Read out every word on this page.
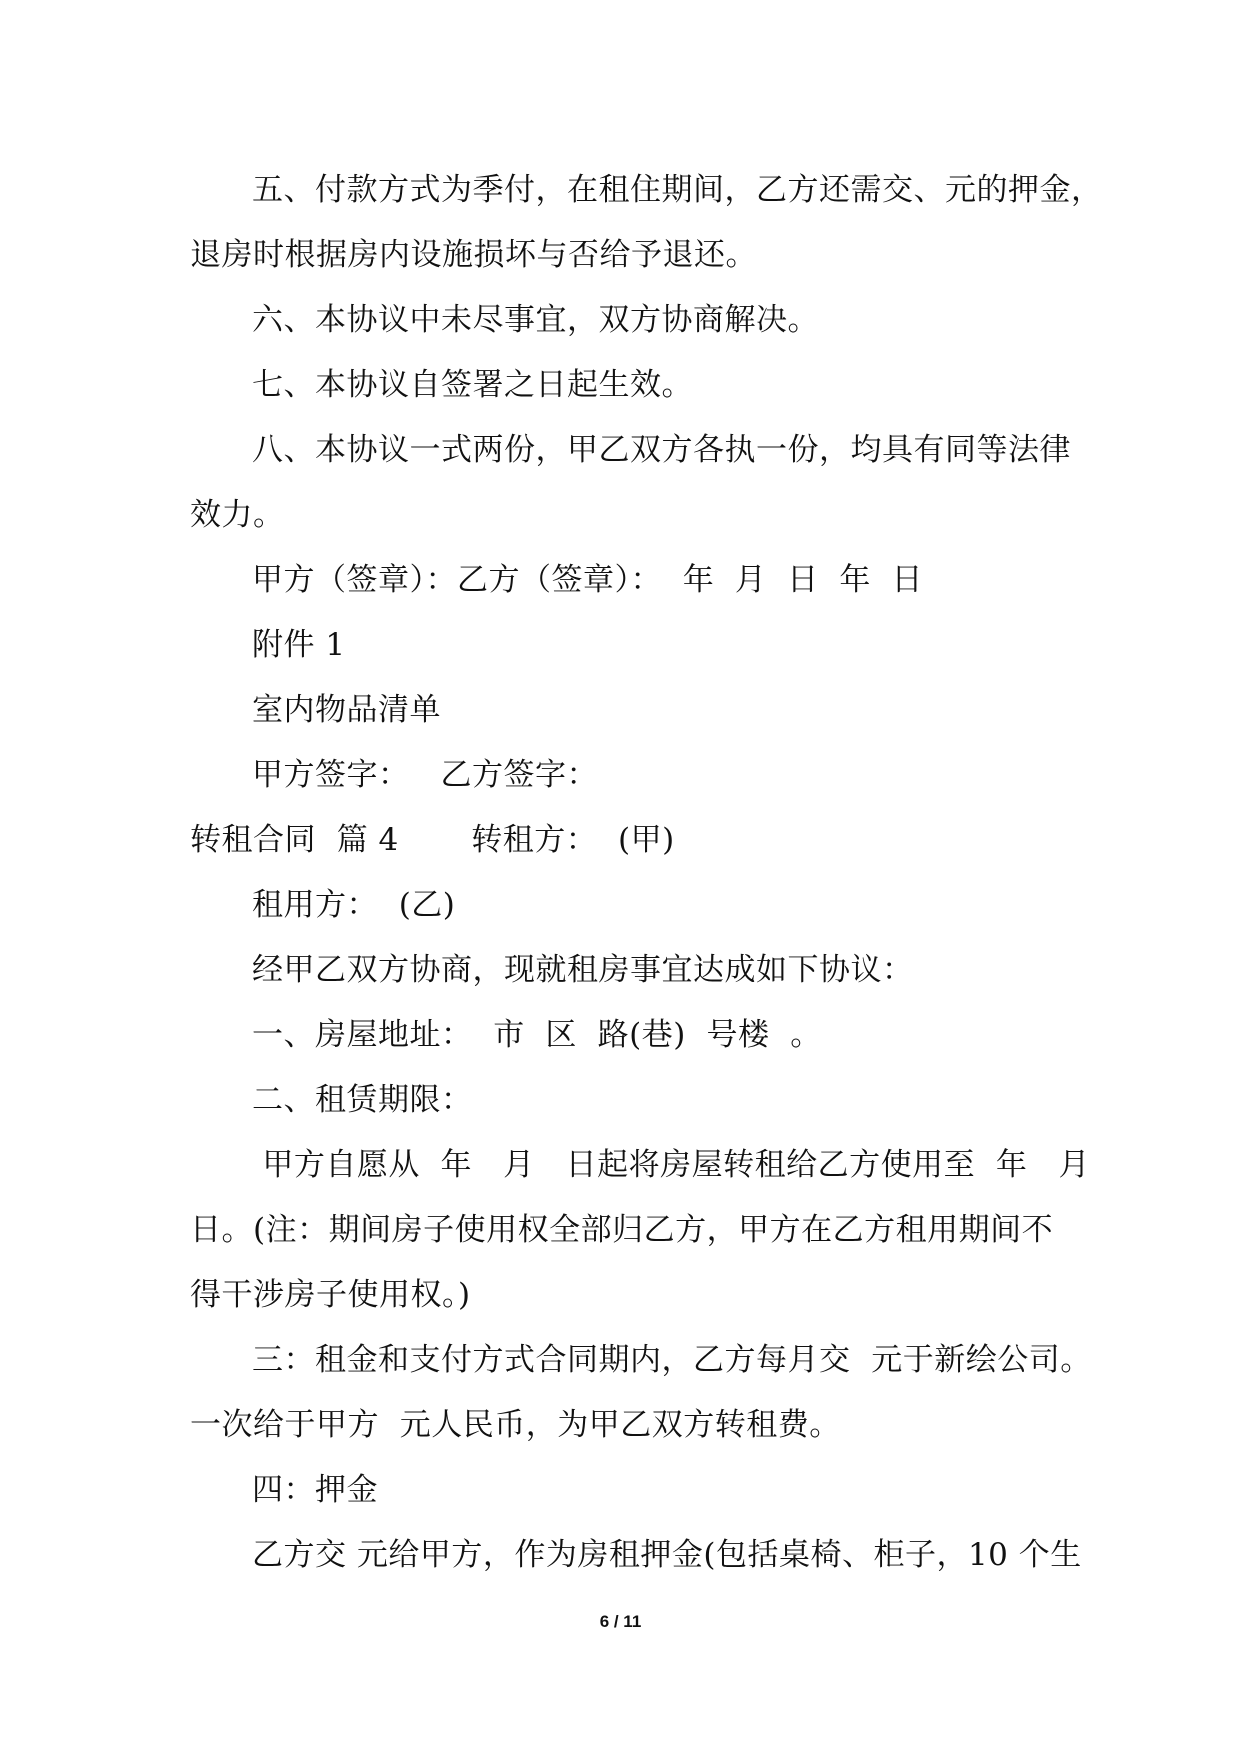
五、付款方式为季付，在租住期间，乙方还需交、元的押金，
退房时根据房内设施损坏与否给予退还。
六、本协议中未尽事宜，双方协商解决。
七、本协议自签署之日起生效。
八、本协议一式两份，甲乙双方各执一份，均具有同等法律
效力。
甲方（签章）：乙方（签章）：  年  月  日  年  日
附件 1
室内物品清单
甲方签字：   乙方签字：
转租合同  篇 4       转租方：  (甲)
租用方：  (乙)
经甲乙双方协商，现就租房事宜达成如下协议：
一、房屋地址：  市  区  路(巷)  号楼  。
二、租赁期限：
甲方自愿从  年   月   日起将房屋转租给乙方使用至  年   月
日。(注：期间房子使用权全部归乙方，甲方在乙方租用期间不
得干涉房子使用权。)
三：租金和支付方式合同期内，乙方每月交  元于新绘公司。
一次给于甲方  元人民币，为甲乙双方转租费。
四：押金
乙方交 元给甲方，作为房租押金(包括桌椅、柜子，10 个生
6 / 11
